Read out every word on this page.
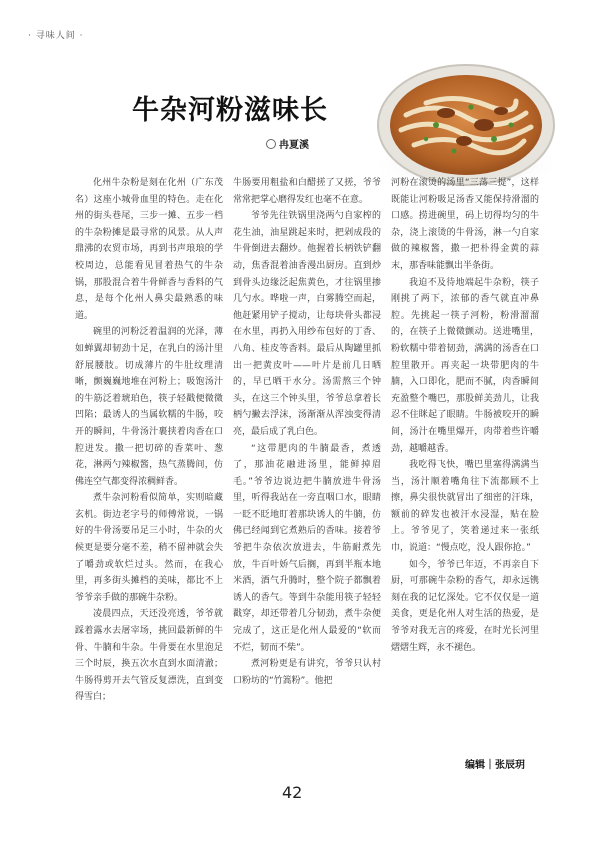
· 寻味人间 ·
牛杂河粉滋味长
冉夏溪

化州牛杂粉是刻在化州（广东茂名）这座小城骨血里的特色。走在化州的街头巷尾，三步一摊、五步一档的牛杂粉摊是最寻常的风景。从人声鼎沸的农贸市场，再到书声琅琅的学校周边，总能看见冒着热气的牛杂锅，那股混合着牛骨鲜香与香料的气息，是每个化州人鼻尖最熟悉的味道。

碗里的河粉泛着温润的光泽，薄如蝉翼却韧劲十足，在乳白的汤汁里舒展腰肢。切成薄片的牛肚纹理清晰，颤巍巍地堆在河粉上；吸饱汤汁的牛筋泛着琥珀色，筷子轻戳便微微凹陷；最诱人的当属软糯的牛肠，咬开的瞬间，牛骨汤汁裹挟着肉香在口腔迸发。撒一把切碎的香菜叶、葱花，淋两勺辣椒酱，热气蒸腾间，仿佛连空气都变得浓稠鲜香。

煮牛杂河粉看似简单，实则暗藏玄机。街边老字号的师傅常说，一锅好的牛骨汤要吊足三小时，牛杂的火候更是要分毫不差，稍不留神就会失了嚼劲或软烂过头。然而，在我心里，再多街头摊档的美味，都比不上爷爷亲手做的那碗牛杂粉。

凌晨四点，天还没亮透，爷爷就踩着露水去屠宰场，挑回最新鲜的牛骨、牛腩和牛杂。牛骨要在水里泡足三个时辰，换五次水直到水面清澈；牛肠得剪开去气管反复漂洗，直到变得雪白；

牛肠要用粗盐和白醋搓了又搓，爷爷常常把掌心磨得发红也毫不在意。

爷爷先往铁锅里浇两勺自家榨的花生油，油星跳起来时，把剁成段的牛骨倒进去翻炒。他握着长柄铁铲翻动，焦香混着油香漫出厨房。直到炒到骨头边缘泛起焦黄色，才往锅里掺几勺水。哗啦一声，白雾腾空而起，他赶紧用铲子搅动，让每块骨头都浸在水里，再扔入用纱布包好的丁香、八角、桂皮等香料。最后从陶罐里抓出一把黄皮叶——叶片是前几日晒的，早已晒干水分。汤需熬三个钟头，在这三个钟头里，爷爷总拿着长柄勺撇去浮沫，汤渐渐从浑浊变得清亮，最后成了乳白色。

“这带肥肉的牛腩最香，煮透了，那油花融进汤里，能鲜掉眉毛。”爷爷边说边把牛腩放进牛骨汤里，听得我站在一旁直咽口水，眼睛一眨不眨地盯着那块诱人的牛腩，仿佛已经闻到它煮熟后的香味。接着爷爷把牛杂依次放进去，牛筋耐煮先放，牛百叶娇气后搁，再到半瓶本地米酒，酒气升腾时，整个院子都飘着诱人的香气。等到牛杂能用筷子轻轻戳穿，却还带着几分韧劲，煮牛杂便完成了，这正是化州人最爱的“软而不烂，韧而不柴”。

煮河粉更是有讲究，爷爷只认村口粉坊的“竹篙粉”。他把

河粉在滚烫的汤里“三荡三提”，这样既能让河粉吸足汤香又能保持滑溜的口感。捞进碗里，码上切得均匀的牛杂，浇上滚烫的牛骨汤，淋一勺自家做的辣椒酱，撒一把朴得金黄的蒜末，那香味能飘出半条街。

我迫不及待地端起牛杂粉，筷子刚挑了两下，浓郁的香气就直冲鼻腔。先挑起一筷子河粉，粉滑溜溜的，在筷子上微微颤动。送进嘴里，粉软糯中带着韧劲，满满的汤香在口腔里散开。再夹起一块带肥肉的牛腩，入口即化，肥而不腻，肉香瞬间充盈整个嘴巴，那股鲜美劲儿，让我忍不住眯起了眼睛。牛肠被咬开的瞬间，汤汁在嘴里爆开，肉带着些许嚼劲，越嚼越香。

我吃得飞快，嘴巴里塞得满满当当，汤汁顺着嘴角往下流都顾不上擦，鼻尖很快就冒出了细密的汗珠，额前的碎发也被汗水浸湿，贴在脸上。爷爷见了，笑着递过来一张纸巾，说道：“慢点吃，没人跟你抢。”

如今，爷爷已年迈，不再亲自下厨，可那碗牛杂粉的香气，却永远镌刻在我的记忆深处。它不仅仅是一道美食，更是化州人对生活的热爱，是爷爷对我无言的疼爱，在时光长河里熠熠生辉，永不褪色。

编辑｜张辰玥
42
